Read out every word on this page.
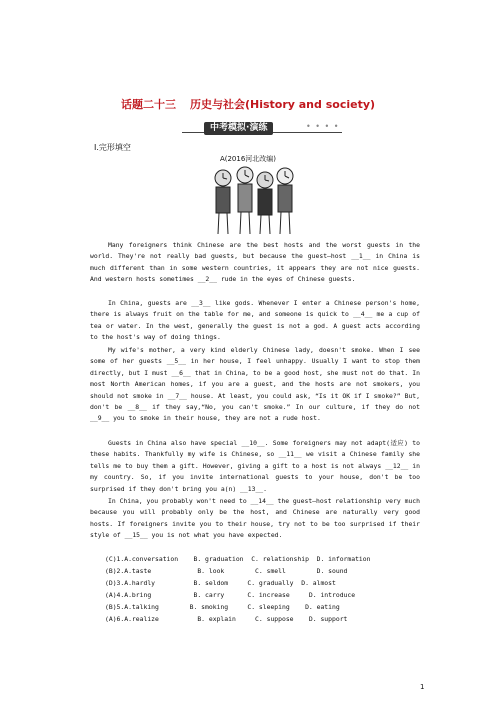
话题二十三 历史与社会(History and society)
中考模拟·演练	• • • •
Ⅰ.完形填空
A(2016河北改编)
Many foreigners think Chinese are the best hosts and the worst guests in the world. They're not really bad guests, but because the guest—host __1__ in China is much different than in some western countries, it appears they are not nice guests. And western hosts sometimes __2__ rude in the eyes of Chinese guests.
In China, guests are __3__ like gods. Whenever I enter a Chinese person's home, there is always fruit on the table for me, and someone is quick to __4__ me a cup of tea or water. In the west, generally the guest is not a god. A guest acts according to the host's way of doing things.
My wife's mother, a very kind elderly Chinese lady, doesn't smoke. When I see some of her guests __5__ in her house, I feel unhappy. Usually I want to stop them directly, but I must __6__ that in China, to be a good host, she must not do that. In most North American homes, if you are a guest, and the hosts are not smokers, you should not smoke in __7__ house. At least, you could ask, “Is it OK if I smoke?” But, don't be __8__ if they say,“No, you can't smoke.” In our culture, if they do not __9__ you to smoke in their house, they are not a rude host.
Guests in China also have special __10__. Some foreigners may not adapt(适应) to these habits. Thankfully my wife is Chinese, so __11__ we visit a Chinese family she tells me to buy them a gift. However, giving a gift to a host is not always __12__ in my country. So, if you invite international guests to your house, don't be too surprised if they don't bring you a(n) __13__.
In China, you probably won't need to __14__ the guest—host relationship very much because you will probably only be the host, and Chinese are naturally very good hosts. If foreigners invite you to their house, try not to be too surprised if their style of __15__ you is not what you have expected.
(C)1.A.conversation    B. graduation  C. relationship  D. information
(B)2.A.taste            B. look        C. smell        D. sound
(D)3.A.hardly          B. seldom     C. gradually  D. almost
(A)4.A.bring           B. carry      C. increase     D. introduce
(B)5.A.talking        B. smoking     C. sleeping    D. eating
(A)6.A.realize          B. explain     C. suppose    D. support
1
